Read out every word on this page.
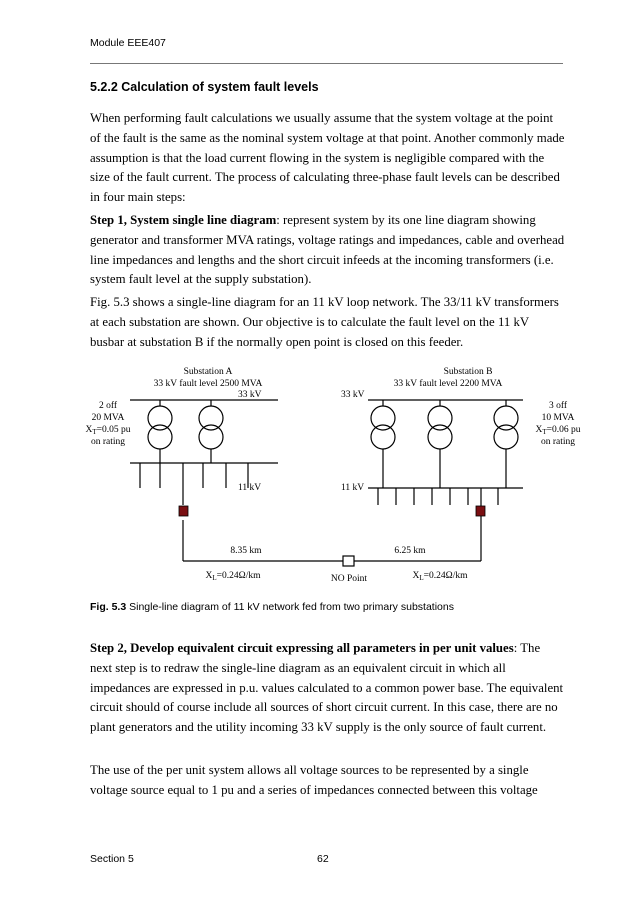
Module EEE407
5.2.2 Calculation of system fault levels

When performing fault calculations we usually assume that the system voltage at the point of the fault is the same as the nominal system voltage at that point. Another commonly made assumption is that the load current flowing in the system is negligible compared with the size of the fault current. The process of calculating three-phase fault levels can be described in four main steps:

Step 1, System single line diagram: represent system by its one line diagram showing generator and transformer MVA ratings, voltage ratings and impedances, cable and overhead line impedances and lengths and the short circuit infeeds at the incoming transformers (i.e. system fault level at the supply substation).

Fig. 5.3 shows a single-line diagram for an 11 kV loop network. The 33/11 kV transformers at each substation are shown. Our objective is to calculate the fault level on the 11 kV busbar at substation B if the normally open point is closed on this feeder.

Substation A
33 kV fault level 2500 MVA
33 kV
11 kV
2 off
20 MVA
$X_T=0.05$ pu
on rating
Substation B
33 kV fault level 2200 MVA
33 kV
11 kV
3 off
10 MVA
$X_T=0.06$ pu
on rating
8.35 km
$X_L=0.24\Omega/km$
6.25 km
$X_L=0.24\Omega/km$
NO Point
Fig. 5.3 Single-line diagram of 11 kV network fed from two primary substations

Step 2, Develop equivalent circuit expressing all parameters in per unit values: The next step is to redraw the single-line diagram as an equivalent circuit in which all impedances are expressed in p.u. values calculated to a common power base. The equivalent circuit should of course include all sources of short circuit current. In this case, there are no plant generators and the utility incoming 33 kV supply is the only source of fault current.

The use of the per unit system allows all voltage sources to be represented by a single voltage source equal to 1 pu and a series of impedances connected between this voltage

Section 5	62
